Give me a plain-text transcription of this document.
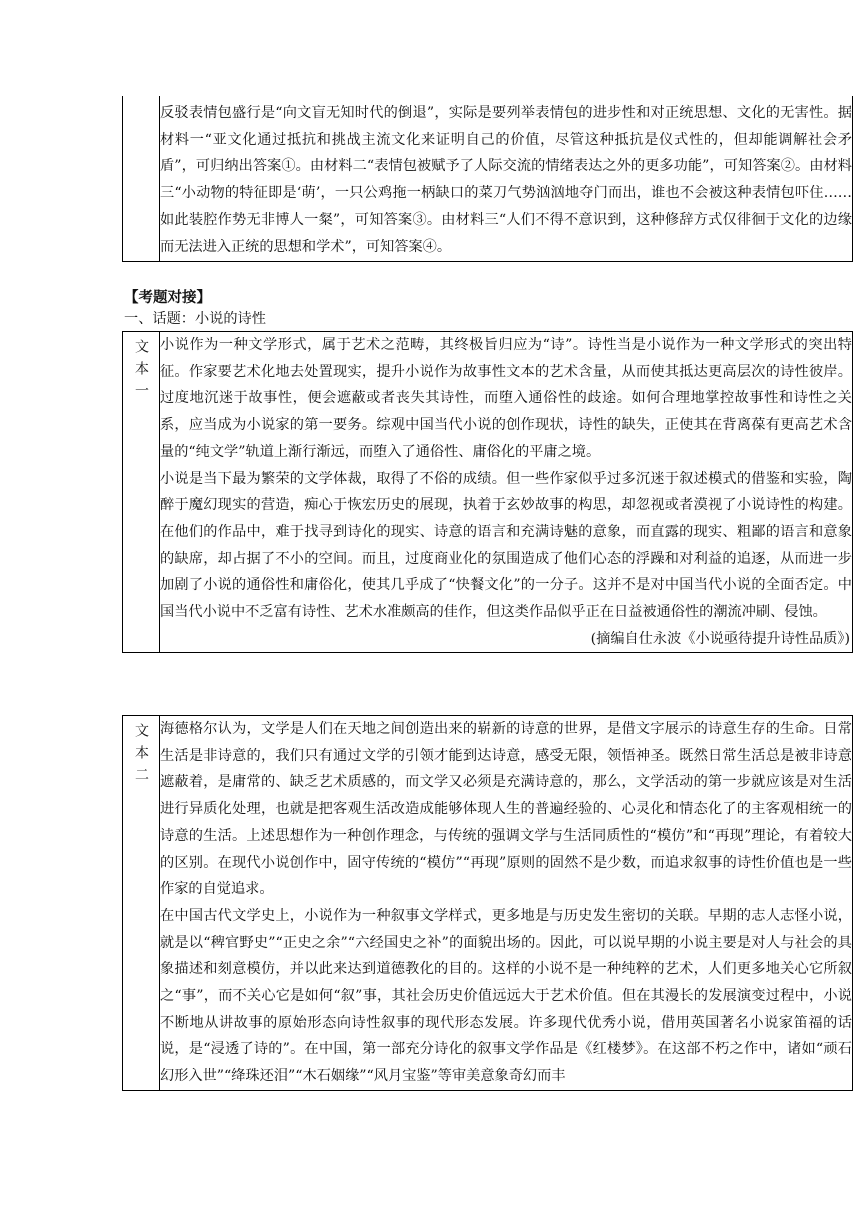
反驳表情包盛行是“向文盲无知时代的倒退”，实际是要列举表情包的进步性和对正统思想、文化的无害性。据材料一“亚文化通过抵抗和挑战主流文化来证明自己的价值，尽管这种抵抗是仪式性的，但却能调解社会矛盾”，可归纳出答案①。由材料二“表情包被赋予了人际交流的情绪表达之外的更多功能”，可知答案②。由材料三“小动物的特征即是‘萌’，一只公鸡拖一柄缺口的菜刀气势汹汹地夺门而出，谁也不会被这种表情包吓住……如此装腔作势无非博人一粲”，可知答案③。由材料三“人们不得不意识到，这种修辞方式仅徘徊于文化的边缘而无法进入正统的思想和学术”，可知答案④。

【考题对接】
一、话题：小说的诗性
文本一	小说作为一种文学形式，属于艺术之范畴，其终极旨归应为“诗”。诗性当是小说作为一种文学形式的突出特征。作家要艺术化地去处置现实，提升小说作为故事性文本的艺术含量，从而使其抵达更高层次的诗性彼岸。过度地沉迷于故事性，便会遮蔽或者丧失其诗性，而堕入通俗性的歧途。如何合理地掌控故事性和诗性之关系，应当成为小说家的第一要务。综观中国当代小说的创作现状，诗性的缺失，正使其在背离葆有更高艺术含量的“纯文学”轨道上渐行渐远，而堕入了通俗性、庸俗化的平庸之境。

小说是当下最为繁荣的文学体裁，取得了不俗的成绩。但一些作家似乎过多沉迷于叙述模式的借鉴和实验，陶醉于魔幻现实的营造，痴心于恢宏历史的展现，执着于玄妙故事的构思，却忽视或者漠视了小说诗性的构建。在他们的作品中，难于找寻到诗化的现实、诗意的语言和充满诗魅的意象，而直露的现实、粗鄙的语言和意象的缺席，却占据了不小的空间。而且，过度商业化的氛围造成了他们心态的浮躁和对利益的追逐，从而进一步加剧了小说的通俗性和庸俗化，使其几乎成了“快餐文化”的一分子。这并不是对中国当代小说的全面否定。中国当代小说中不乏富有诗性、艺术水准颇高的佳作，但这类作品似乎正在日益被通俗性的潮流冲刷、侵蚀。

(摘编自仕永波《小说亟待提升诗性品质》)
文本二	海德格尔认为，文学是人们在天地之间创造出来的崭新的诗意的世界，是借文字展示的诗意生存的生命。日常生活是非诗意的，我们只有通过文学的引领才能到达诗意，感受无限，领悟神圣。既然日常生活总是被非诗意遮蔽着，是庸常的、缺乏艺术质感的，而文学又必须是充满诗意的，那么，文学活动的第一步就应该是对生活进行异质化处理，也就是把客观生活改造成能够体现人生的普遍经验的、心灵化和情态化了的主客观相统一的诗意的生活。上述思想作为一种创作理念，与传统的强调文学与生活同质性的“模仿”和“再现”理论，有着较大的区别。在现代小说创作中，固守传统的“模仿”“再现”原则的固然不是少数，而追求叙事的诗性价值也是一些作家的自觉追求。

在中国古代文学史上，小说作为一种叙事文学样式，更多地是与历史发生密切的关联。早期的志人志怪小说，就是以“稗官野史”“正史之余”“六经国史之补”的面貌出场的。因此，可以说早期的小说主要是对人与社会的具象描述和刻意模仿，并以此来达到道德教化的目的。这样的小说不是一种纯粹的艺术，人们更多地关心它所叙之“事”，而不关心它是如何“叙”事，其社会历史价值远远大于艺术价值。但在其漫长的发展演变过程中，小说不断地从讲故事的原始形态向诗性叙事的现代形态发展。许多现代优秀小说，借用英国著名小说家笛福的话说，是“浸透了诗的”。在中国，第一部充分诗化的叙事文学作品是《红楼梦》。在这部不朽之作中，诸如“顽石幻形入世”“绛珠还泪”“木石姻缘”“风月宝鉴”等审美意象奇幻而丰
